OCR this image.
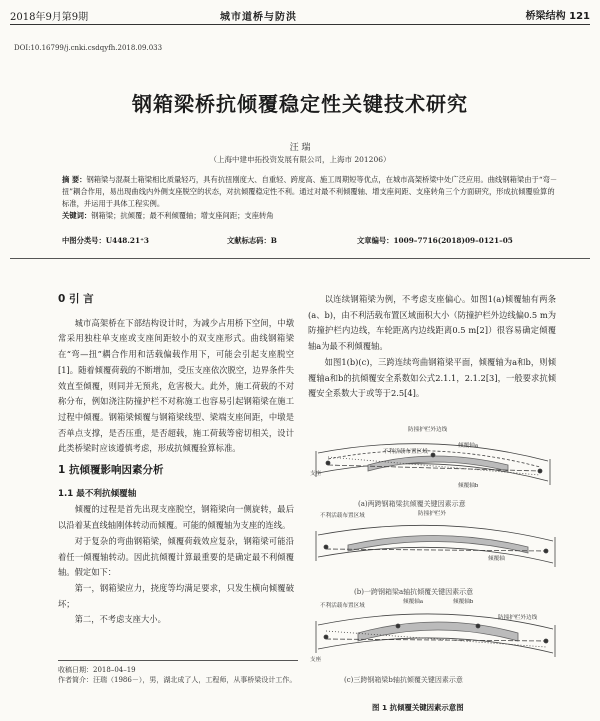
2018年9月第9期	城市道桥与防洪	桥梁结构 121
DOI:10.16799/j.cnki.csdqyfh.2018.09.033
钢箱梁桥抗倾覆稳定性关键技术研究
汪 瑞
（上海中建申拓投资发展有限公司，上海市 201206）
摘 要：钢箱梁与混凝土箱梁相比质量轻巧，具有抗扭刚度大、自重轻、跨度高、施工周期短等优点，在城市高架桥梁中处广泛应用。曲线钢箱梁由于“弯－扭”耦合作用，易出现曲线内外侧支座脱空的状态，对抗倾覆稳定性不利。通过对最不利倾覆轴、增支座间距、支座转角三个方面研究，形成抗倾覆验算的标准，并运用于具体工程实例。
关键词：钢箱梁；抗倾覆；最不利倾覆轴；增支座间距；支座转角
中图分类号：U448.21⁺3	文献标志码：B	文章编号：1009–7716(2018)09–0121–05
0 引 言

城市高架桥在下部结构设计时，为减少占用桥下空间，中墩常采用独柱单支座或支座间距较小的双支座形式。曲线钢箱梁在“弯—扭”耦合作用和活载偏载作用下，可能会引起支座脱空[1]。随着倾覆荷载的不断增加，受压支座依次脱空，边界条件失效直至倾覆，则同并无预兆，危害极大。此外，施工荷载的不对称分布，例如浇注防撞护栏不对称施工也容易引起钢箱梁在施工过程中倾覆。钢箱梁倾覆与钢箱梁线型、梁端支座间距，中墩是否单点支撑，是否压重，是否超载，施工荷载等密切相关，设计此类桥梁时应该遵慎考虑，形成抗倾覆验算标准。

1 抗倾覆影响因素分析
1.1 最不利抗倾覆轴

倾覆的过程是首先出现支座脱空，钢箱梁向一侧旋转，最后以沿着某直线轴刚体转动而倾覆。可能的倾覆轴为支座的连线。

对于复杂的弯曲钢箱梁，倾覆荷载效应复杂，钢箱梁可能沿着任一倾覆轴转动。因此抗倾覆计算最重要的是确定最不利倾覆轴。假定如下：

第一，钢箱梁应力，挠度等均满足要求，只发生横向倾覆破坏；

第二，不考虑支座大小。

收稿日期：2018–04–19
作者简介：汪瑞（1986－），男，湖北成了人，工程师，从事桥梁设计工作。

以连续钢箱梁为例，不考虑支座偏心。如图1(a)倾覆轴有两条(a、b)，由不利活载布置区域面积大小（防撞护栏外边线偏0.5 m为防撞护栏内边线，车轮距离内边线距离0.5 m[2]）很容易确定倾覆轴a为最不利倾覆轴。

如图1(b)(c)，三跨连续弯曲钢箱梁平面，倾覆轴为a和b，则倾覆轴a和b的抗倾覆安全系数如公式2.1.1，2.1.2[3]，一般要求抗倾覆安全系数大于或等于2.5[4]。

防撞护栏外边线
支座
倾覆轴a
倾覆轴b
不利活载布置区域
(a)两跨钢箱梁抗倾覆关键因素示意
不利活载布置区域	防撞护栏外
倾覆轴
(b)一跨钢箱梁a轴抗倾覆关键因素示意
不利活载布置区域
倾覆轴a	倾覆轴b
防撞护栏外边线
支座
(c)三跨钢箱梁b轴抗倾覆关键因素示意
图 1 抗倾覆关键因素示意图
